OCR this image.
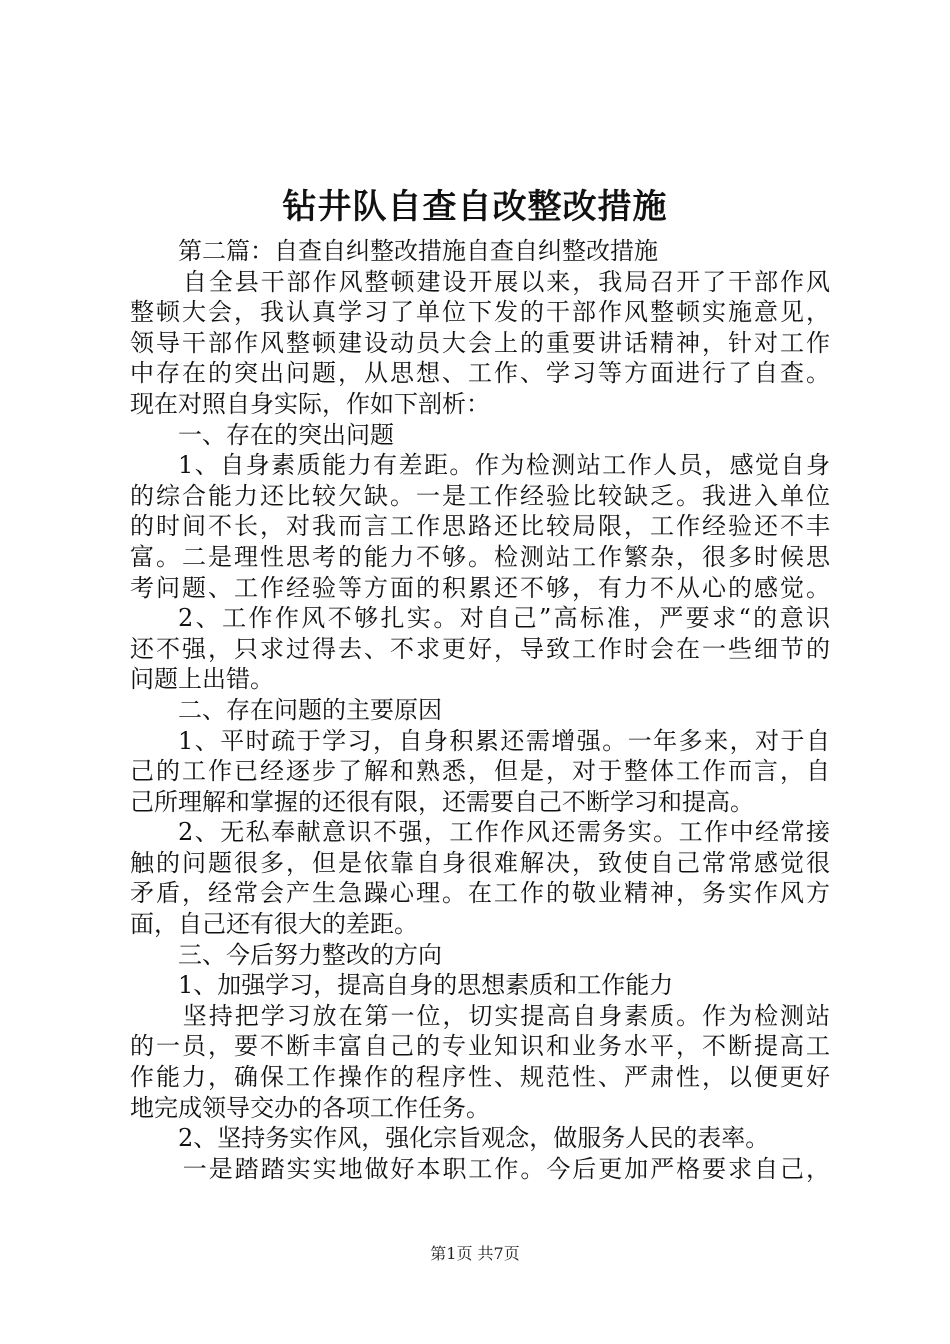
钻井队自查自改整改措施
第二篇：自查自纠整改措施自查自纠整改措施
自全县干部作风整顿建设开展以来，我局召开了干部作风
整顿大会，我认真学习了单位下发的干部作风整顿实施意见，
领导干部作风整顿建设动员大会上的重要讲话精神，针对工作
中存在的突出问题，从思想、工作、学习等方面进行了自查。
现在对照自身实际，作如下剖析：
一、存在的突出问题
1、自身素质能力有差距。作为检测站工作人员，感觉自身
的综合能力还比较欠缺。一是工作经验比较缺乏。我进入单位
的时间不长，对我而言工作思路还比较局限，工作经验还不丰
富。二是理性思考的能力不够。检测站工作繁杂，很多时候思
考问题、工作经验等方面的积累还不够，有力不从心的感觉。
2、工作作风不够扎实。对自己”高标准，严要求“的意识
还不强，只求过得去、不求更好，导致工作时会在一些细节的
问题上出错。
二、存在问题的主要原因
1、平时疏于学习，自身积累还需增强。一年多来，对于自
己的工作已经逐步了解和熟悉，但是，对于整体工作而言，自
己所理解和掌握的还很有限，还需要自己不断学习和提高。
2、无私奉献意识不强，工作作风还需务实。工作中经常接
触的问题很多，但是依靠自身很难解决，致使自己常常感觉很
矛盾，经常会产生急躁心理。在工作的敬业精神，务实作风方
面，自己还有很大的差距。
三、今后努力整改的方向
1、加强学习，提高自身的思想素质和工作能力
坚持把学习放在第一位，切实提高自身素质。作为检测站
的一员，要不断丰富自己的专业知识和业务水平，不断提高工
作能力，确保工作操作的程序性、规范性、严肃性，以便更好
地完成领导交办的各项工作任务。
2、坚持务实作风，强化宗旨观念，做服务人民的表率。
一是踏踏实实地做好本职工作。今后更加严格要求自己，
第1页 共7页
